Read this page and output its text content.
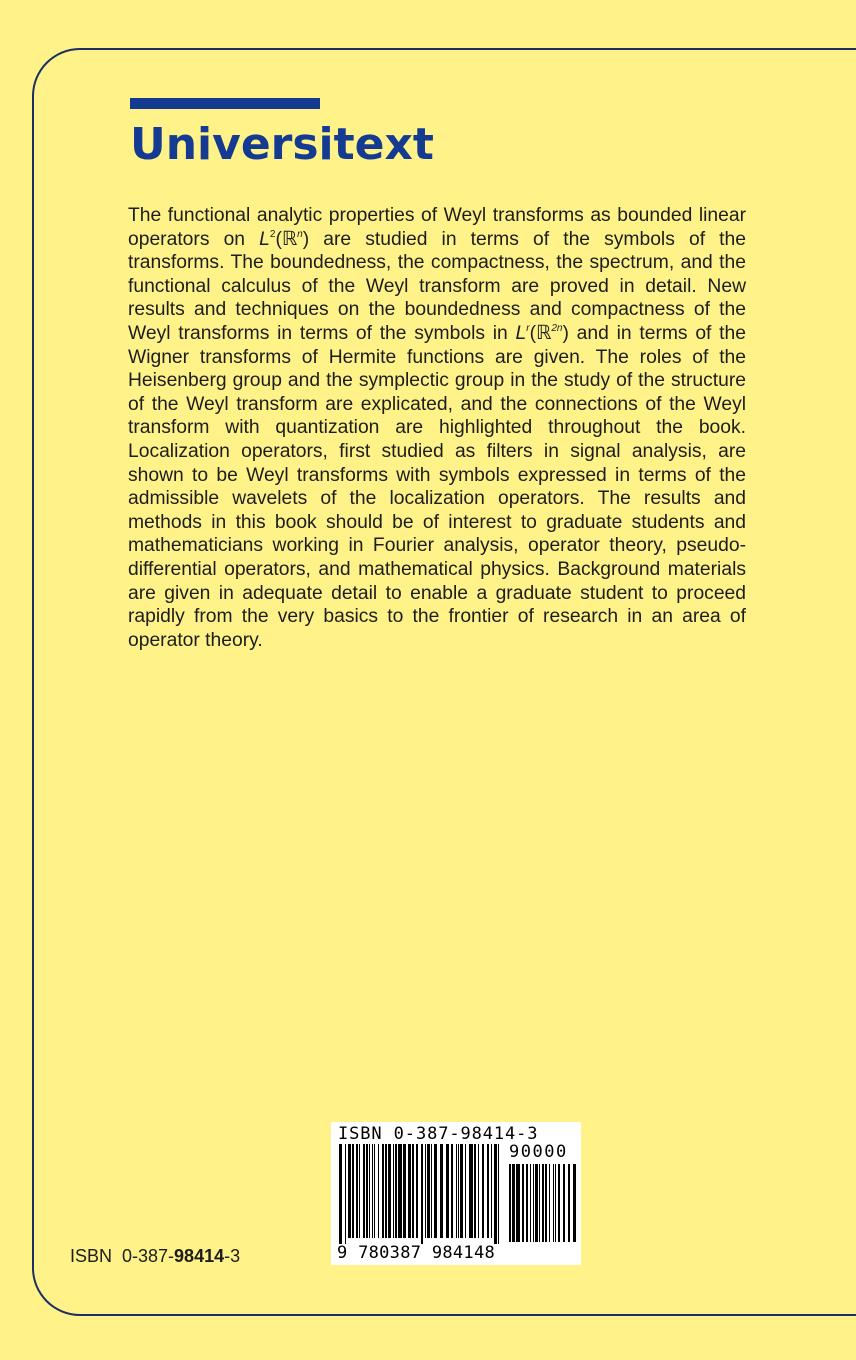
Universitext

The functional analytic properties of Weyl transforms as bounded linear operators on $L^2(ℝ^n)$ are studied in terms of the symbols of the transforms. The boundedness, the compactness, the spectrum, and the functional calculus of the Weyl transform are proved in detail. New results and techniques on the boundedness and compactness of the Weyl transforms in terms of the symbols in $L^r(ℝ^{2n})$ and in terms of the Wigner transforms of Hermite functions are given. The roles of the Heisenberg group and the symplectic group in the study of the structure of the Weyl transform are explicated, and the connections of the Weyl transform with quantization are highlighted throughout the book. Localization operators, first studied as filters in signal analysis, are shown to be Weyl transforms with symbols expressed in terms of the admissible wavelets of the localization operators. The results and methods in this book should be of interest to graduate students and mathematicians working in Fourier analysis, operator theory, pseudo-differential operators, and mathematical physics. Background materials are given in adequate detail to enable a graduate student to proceed rapidly from the very basics to the frontier of research in an area of operator theory.

ISBN 0-387-98414-3
90000
9 780387 984148
ISBN 0-387-98414-3
